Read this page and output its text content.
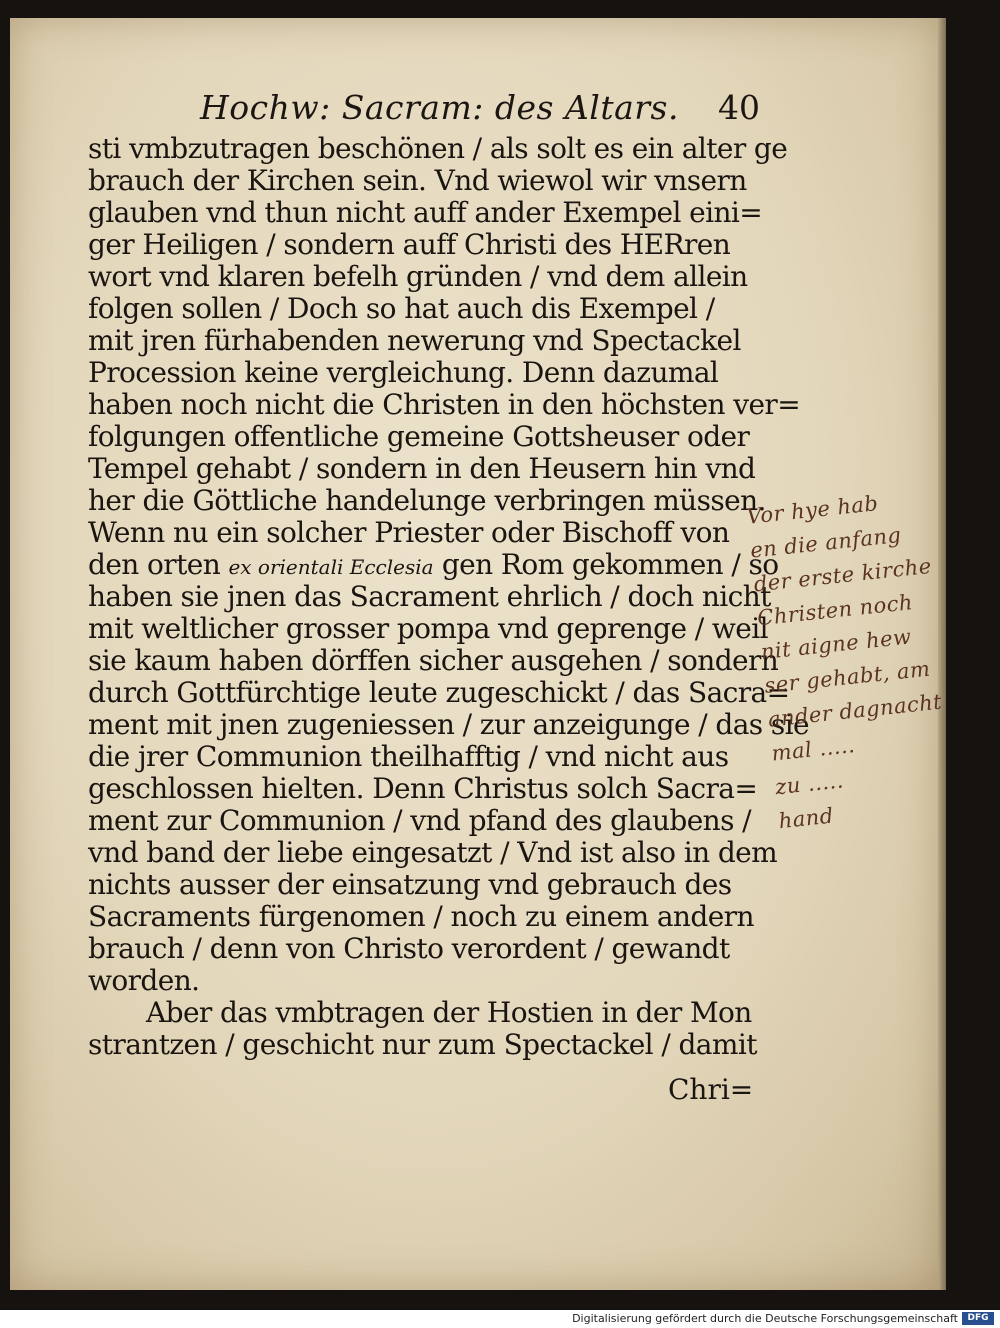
Hochw: Sacram: des Altars. 40
sti vmbzutragen beschönen / als solt es ein alter ge
brauch der Kirchen sein. Vnd wiewol wir vnsern
glauben vnd thun nicht auff ander Exempel eini=
ger Heiligen / sondern auff Christi des HERren
wort vnd klaren befelh gründen / vnd dem allein
folgen sollen / Doch so hat auch dis Exempel /
mit jren fürhabenden newerung vnd Spectackel
Procession keine vergleichung. Denn dazumal
haben noch nicht die Christen in den höchsten ver=
folgungen offentliche gemeine Gottsheuser oder
Tempel gehabt / sondern in den Heusern hin vnd
her die Göttliche handelunge verbringen müssen.
Wenn nu ein solcher Priester oder Bischoff von
den orten ex orientali Ecclesia gen Rom gekommen / so
haben sie jnen das Sacrament ehrlich / doch nicht
mit weltlicher grosser pompa vnd geprenge / weil
sie kaum haben dörffen sicher ausgehen / sondern
durch Gottfürchtige leute zugeschickt / das Sacra=
ment mit jnen zugeniessen / zur anzeigunge / das sie
die jrer Communion theilhafftig / vnd nicht aus
geschlossen hielten. Denn Christus solch Sacra=
ment zur Communion / vnd pfand des glaubens /
vnd band der liebe eingesatzt / Vnd ist also in dem
nichts ausser der einsatzung vnd gebrauch des
Sacraments fürgenomen / noch zu einem andern
brauch / denn von Christo verordent / gewandt
worden.
Aber das vmbtragen der Hostien in der Mon
strantzen / geschicht nur zum Spectackel / damit
Chri=
Vor hye hab
en die anfang
der erste kirche
Christen noch
nit aigne hew
ser gehabt, am
ander dagnacht
mal .....
zu .....
hand
Digitalisierung gefördert durch die Deutsche Forschungsgemeinschaft	DFG
